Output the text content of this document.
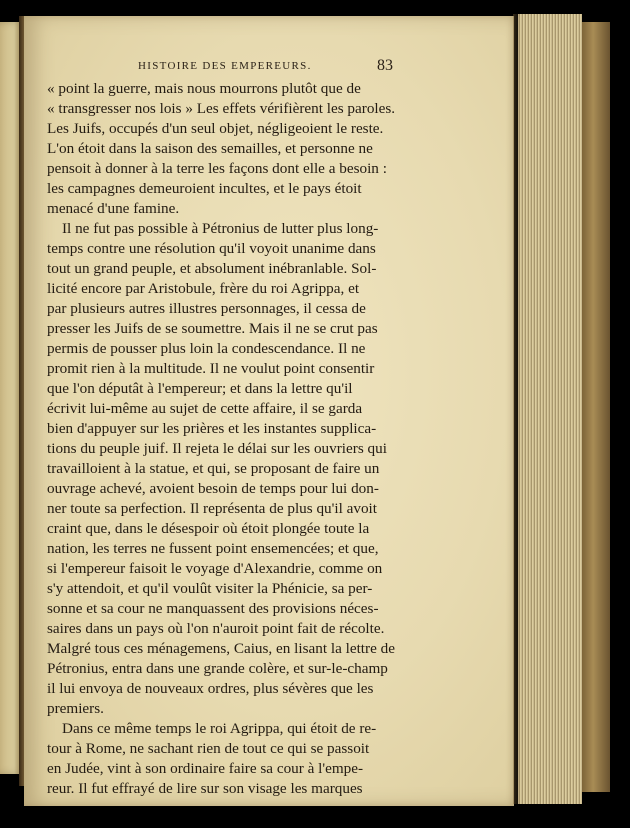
HISTOIRE DES EMPEREURS.	83
« point la guerre, mais nous mourrons plutôt que de
« transgresser nos lois » Les effets vérifièrent les paroles.
Les Juifs, occupés d'un seul objet, négligeoient le reste.
L'on étoit dans la saison des semailles, et personne ne
pensoit à donner à la terre les façons dont elle a besoin :
les campagnes demeuroient incultes, et le pays étoit
menacé d'une famine.
Il ne fut pas possible à Pétronius de lutter plus long-
temps contre une résolution qu'il voyoit unanime dans
tout un grand peuple, et absolument inébranlable. Sol-
licité encore par Aristobule, frère du roi Agrippa, et
par plusieurs autres illustres personnages, il cessa de
presser les Juifs de se soumettre. Mais il ne se crut pas
permis de pousser plus loin la condescendance. Il ne
promit rien à la multitude. Il ne voulut point consentir
que l'on députât à l'empereur; et dans la lettre qu'il
écrivit lui-même au sujet de cette affaire, il se garda
bien d'appuyer sur les prières et les instantes supplica-
tions du peuple juif. Il rejeta le délai sur les ouvriers qui
travailloient à la statue, et qui, se proposant de faire un
ouvrage achevé, avoient besoin de temps pour lui don-
ner toute sa perfection. Il représenta de plus qu'il avoit
craint que, dans le désespoir où étoit plongée toute la
nation, les terres ne fussent point ensemencées; et que,
si l'empereur faisoit le voyage d'Alexandrie, comme on
s'y attendoit, et qu'il voulût visiter la Phénicie, sa per-
sonne et sa cour ne manquassent des provisions néces-
saires dans un pays où l'on n'auroit point fait de récolte.
Malgré tous ces ménagemens, Caius, en lisant la lettre de
Pétronius, entra dans une grande colère, et sur-le-champ
il lui envoya de nouveaux ordres, plus sévères que les
premiers.
Dans ce même temps le roi Agrippa, qui étoit de re-
tour à Rome, ne sachant rien de tout ce qui se passoit
en Judée, vint à son ordinaire faire sa cour à l'empe-
reur. Il fut effrayé de lire sur son visage les marques
